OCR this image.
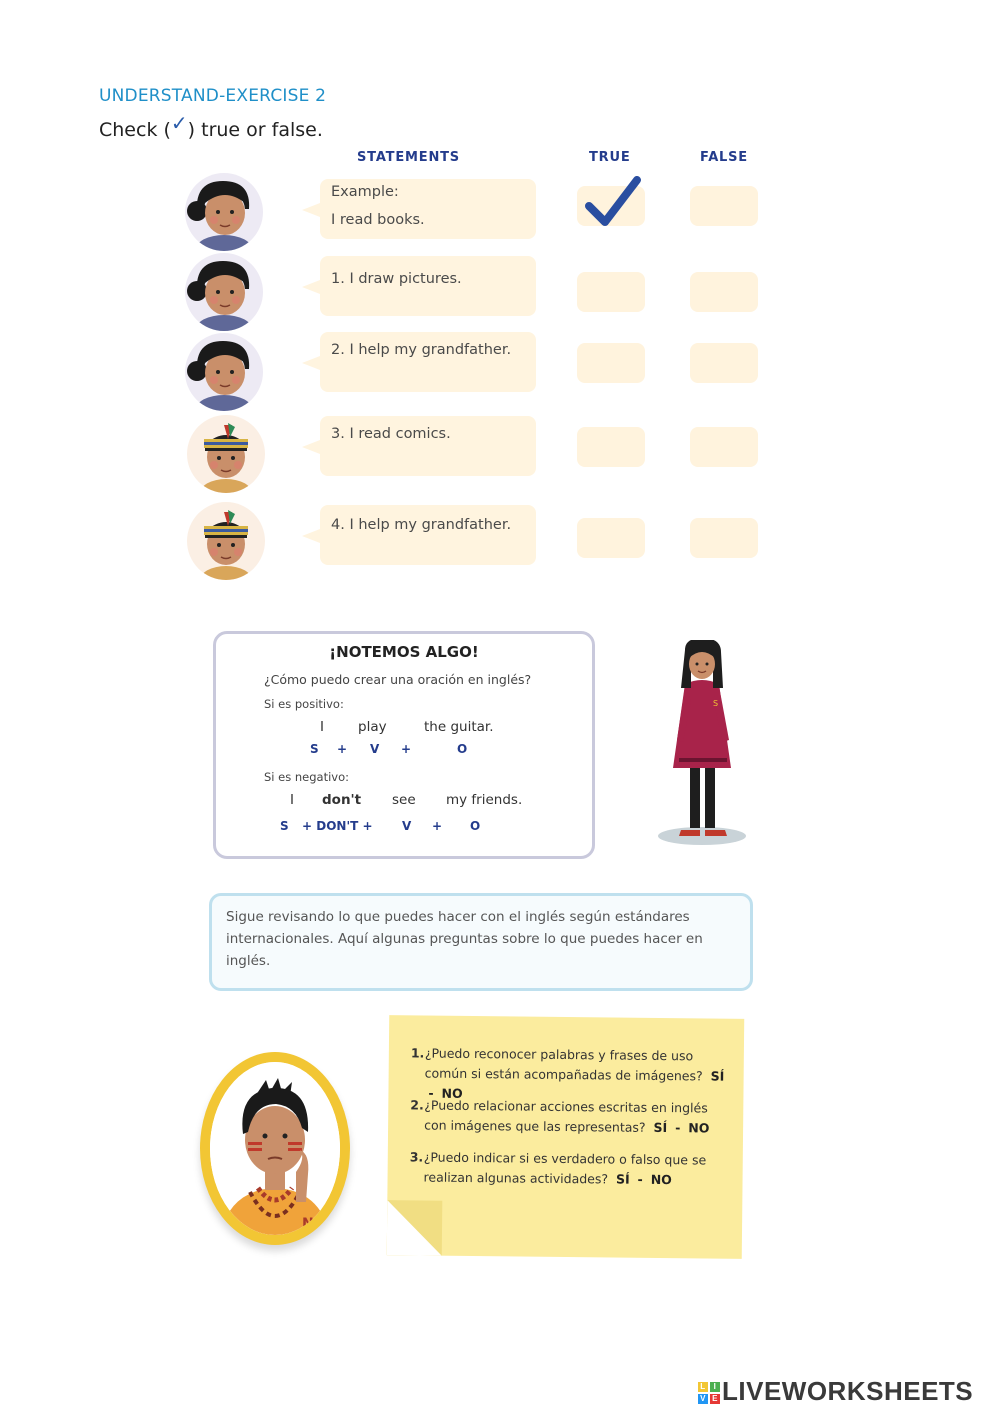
UNDERSTAND-EXERCISE 2
Check (✓) true or false.
STATEMENTS	TRUE	FALSE
Example:
I read books.
1. I draw pictures.
2. I help my grandfather.
3. I read comics.
4. I help my grandfather.
¡NOTEMOS ALGO!
¿Cómo puedo crear una oración en inglés?
Si es positivo:
I	play	the guitar.
S + V +	O
Si es negativo:
I don't see my friends.
S + DON'T + V + O
S

Sigue revisando lo que puedes hacer con el inglés según estándares internacionales. Aquí algunas preguntas sobre lo que puedes hacer en inglés.

N
1. ¿Puedo reconocer palabras y frases de uso común si están acompañadas de imágenes? SÍ  - NO
2. ¿Puedo relacionar acciones escritas en inglés con imágenes que las representas? SÍ - NO
3. ¿Puedo indicar si es verdadero o falso que se realizan algunas actividades? SÍ - NO
L I
V E LIVEWORKSHEETS
